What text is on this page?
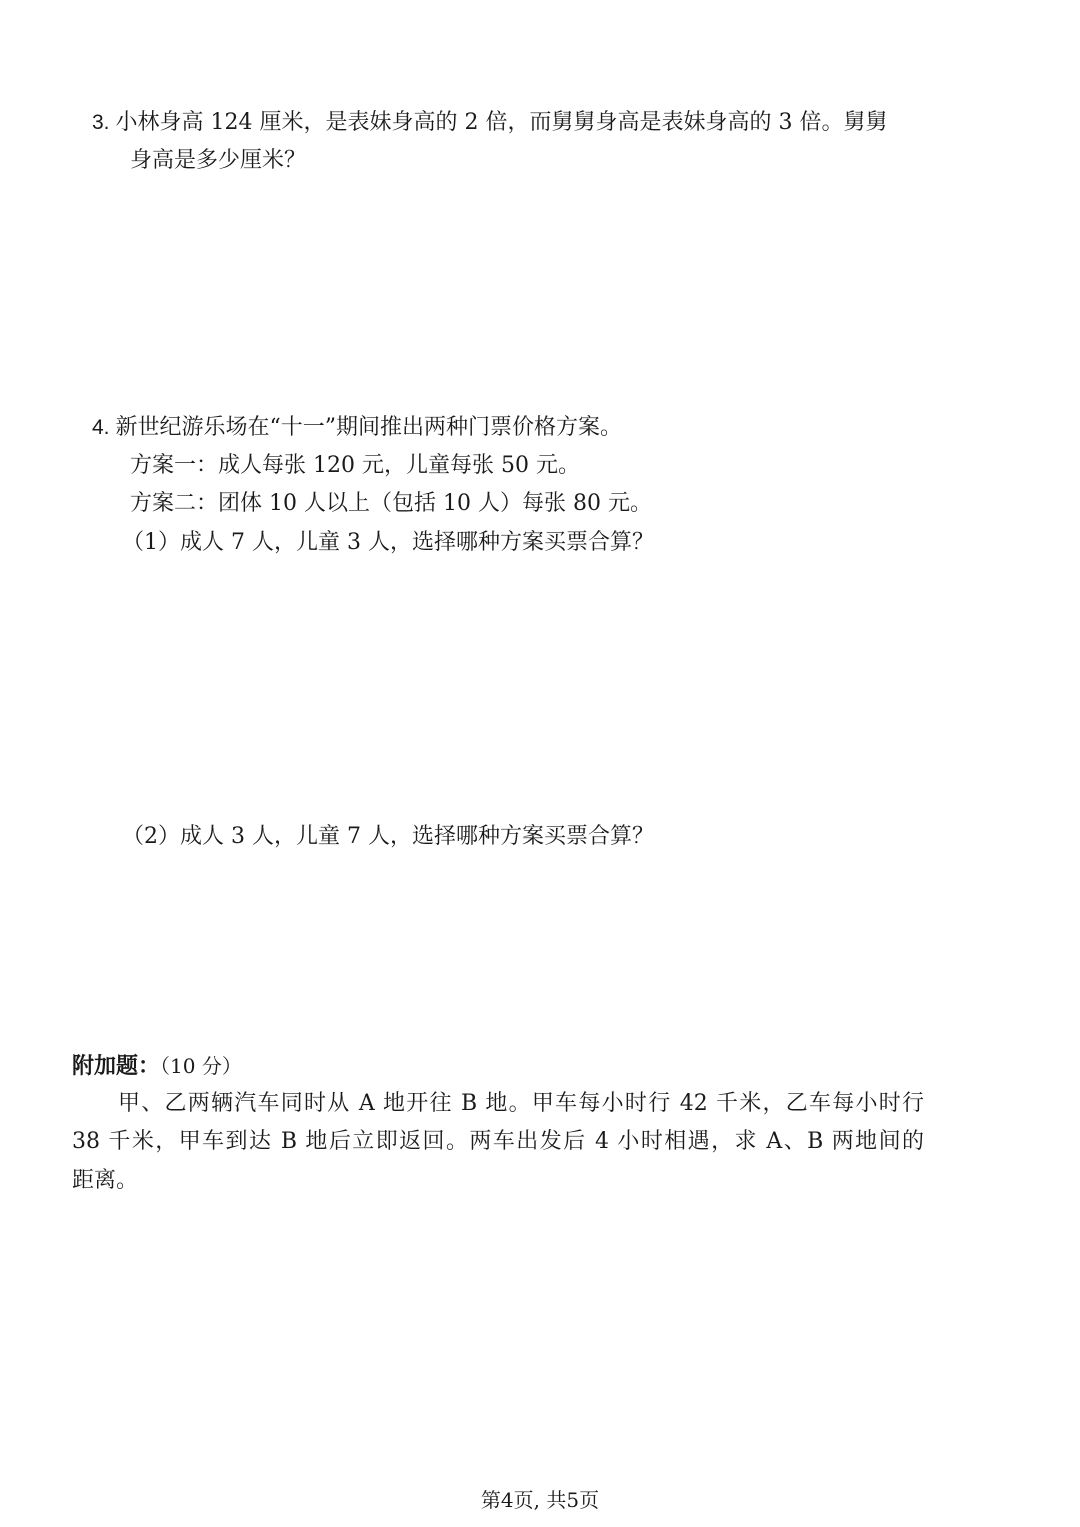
3. 小林身高 124 厘米，是表妹身高的 2 倍，而舅舅身高是表妹身高的 3 倍。舅舅
身高是多少厘米？
4. 新世纪游乐场在“十一”期间推出两种门票价格方案。
方案一：成人每张 120 元，儿童每张 50 元。
方案二：团体 10 人以上（包括 10 人）每张 80 元。
（1）成人 7 人，儿童 3 人，选择哪种方案买票合算？
（2）成人 3 人，儿童 7 人，选择哪种方案买票合算？
附加题：（10 分）
甲、乙两辆汽车同时从 A 地开往 B 地。甲车每小时行 42 千米，乙车每小时行
38 千米，甲车到达 B 地后立即返回。两车出发后 4 小时相遇，求 A、B 两地间的
距离。
第4页, 共5页
